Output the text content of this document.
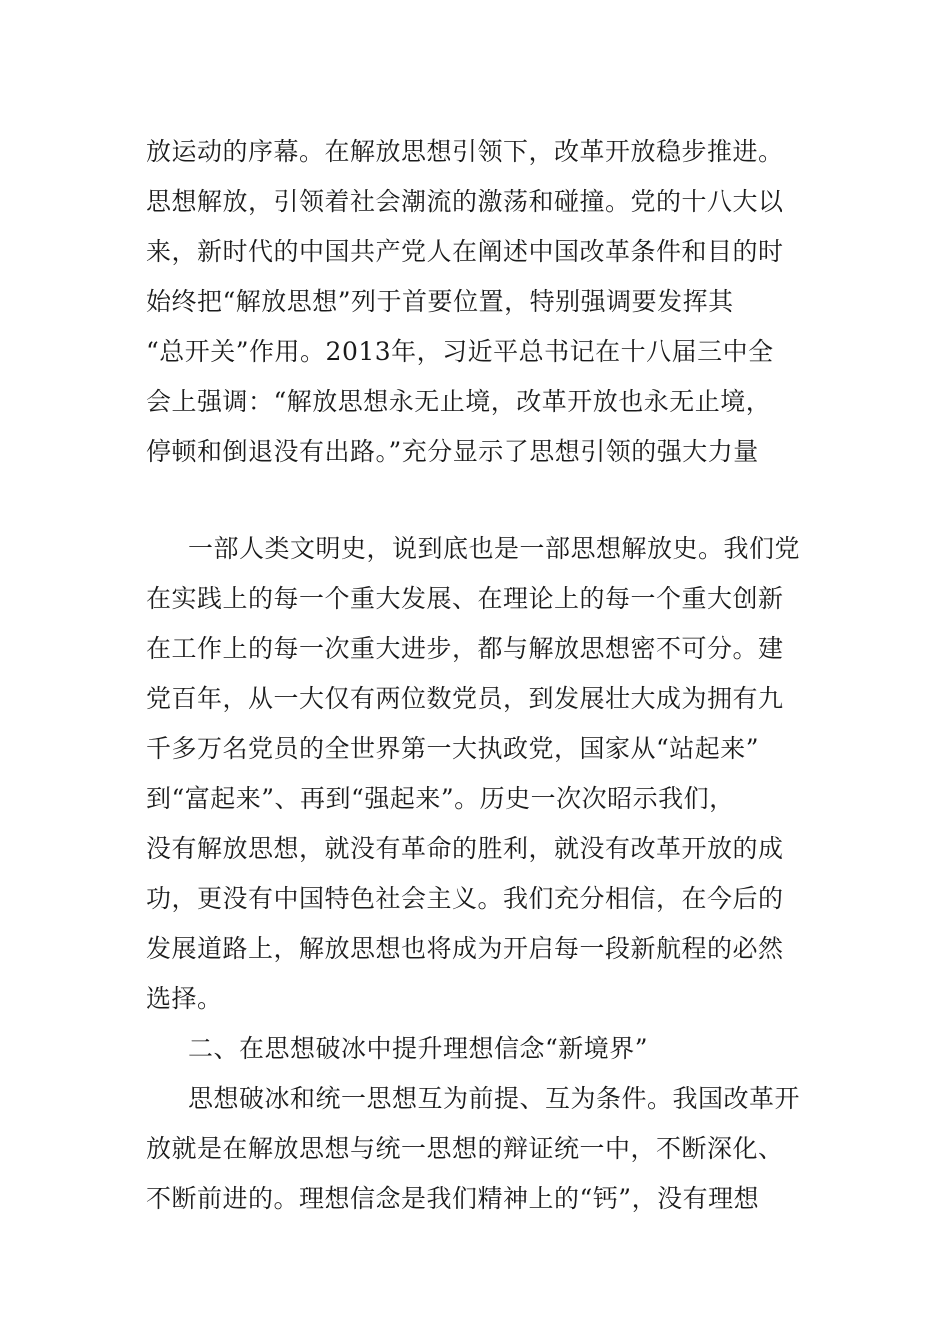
放运动的序幕。在解放思想引领下，改革开放稳步推进。
思想解放，引领着社会潮流的激荡和碰撞。党的十八大以
来，新时代的中国共产党人在阐述中国改革条件和目的时
始终把“解放思想”列于首要位置，特别强调要发挥其
“总开关”作用。2013年，习近平总书记在十八届三中全
会上强调：“解放思想永无止境，改革开放也永无止境，
停顿和倒退没有出路。”充分显示了思想引领的强大力量
一部人类文明史，说到底也是一部思想解放史。我们党
在实践上的每一个重大发展、在理论上的每一个重大创新
在工作上的每一次重大进步，都与解放思想密不可分。建
党百年，从一大仅有两位数党员，到发展壮大成为拥有九
千多万名党员的全世界第一大执政党，国家从“站起来”
到“富起来”、再到“强起来”。历史一次次昭示我们，
没有解放思想，就没有革命的胜利，就没有改革开放的成
功，更没有中国特色社会主义。我们充分相信，在今后的
发展道路上，解放思想也将成为开启每一段新航程的必然
选择。
二、在思想破冰中提升理想信念“新境界”
思想破冰和统一思想互为前提、互为条件。我国改革开
放就是在解放思想与统一思想的辩证统一中，不断深化、
不断前进的。理想信念是我们精神上的“钙”，没有理想
